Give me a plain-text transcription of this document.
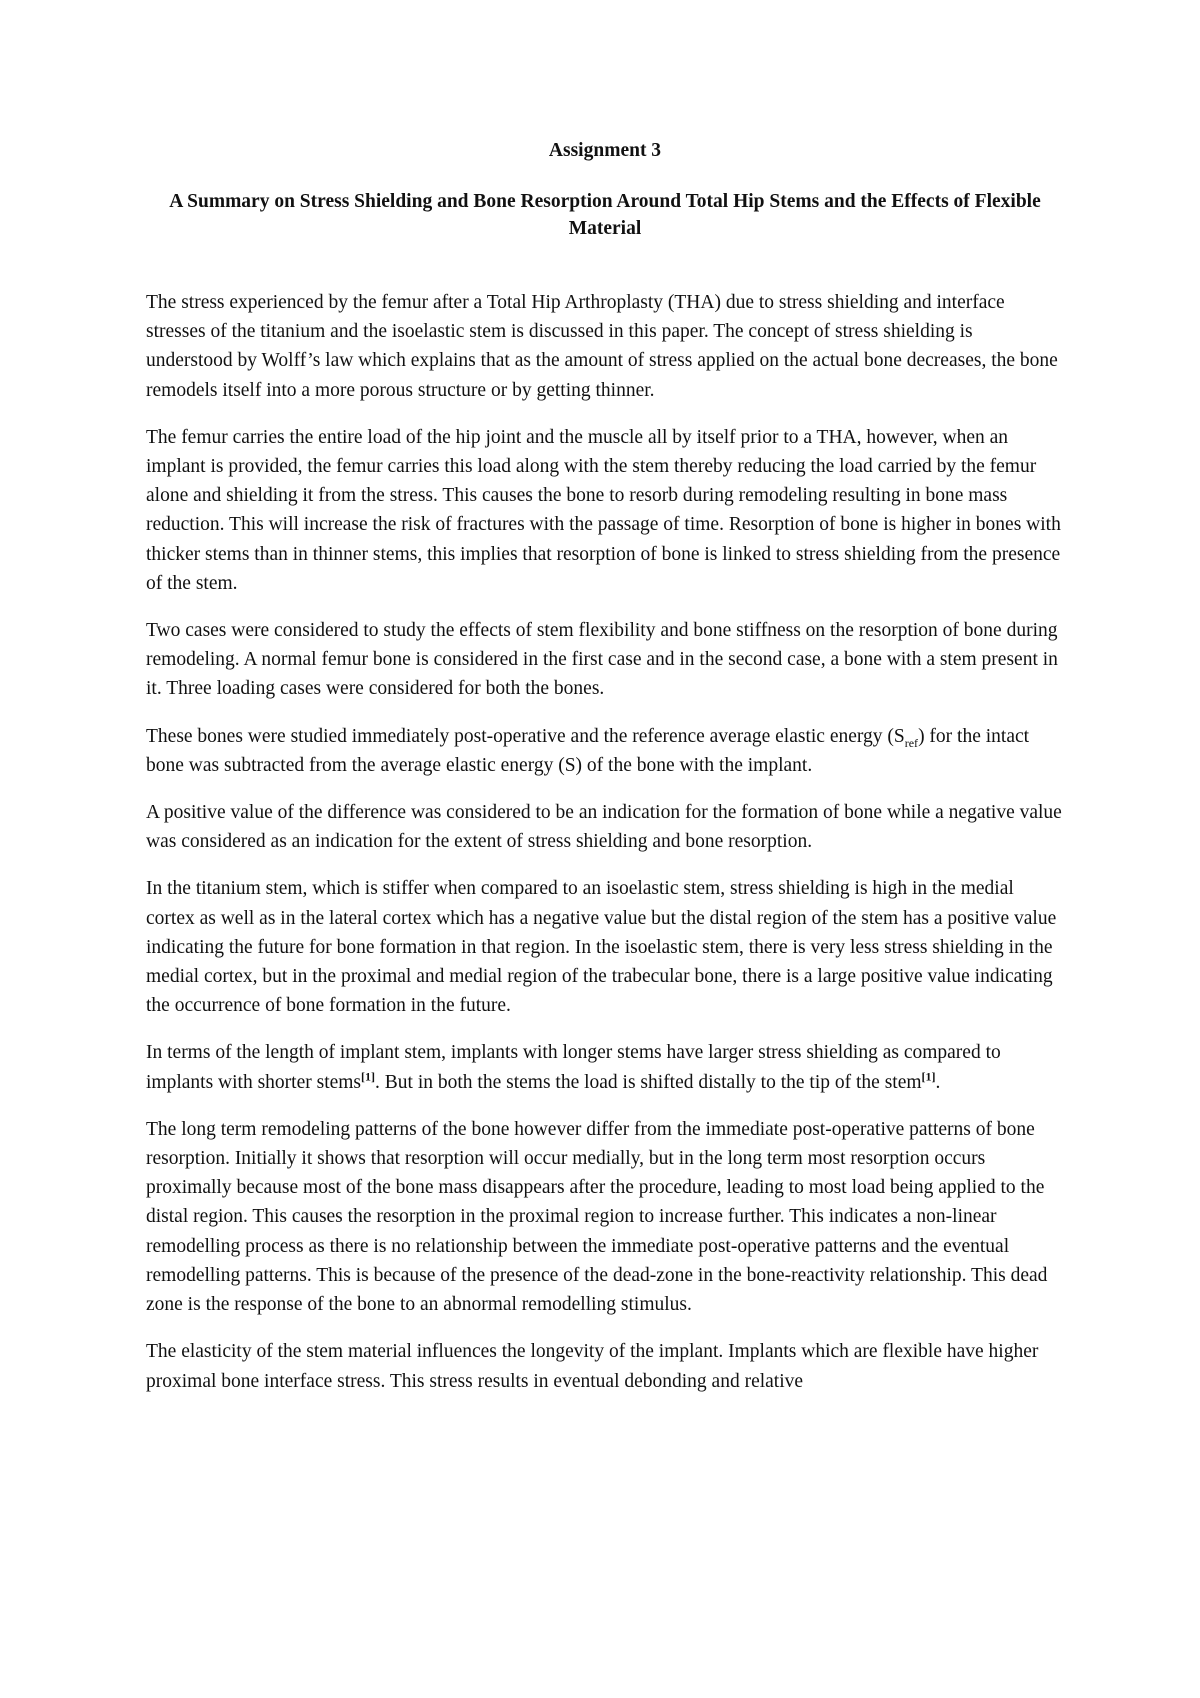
Assignment 3
A Summary on Stress Shielding and Bone Resorption Around Total Hip Stems and the Effects of Flexible Material

The stress experienced by the femur after a Total Hip Arthroplasty (THA) due to stress shielding and interface stresses of the titanium and the isoelastic stem is discussed in this paper. The concept of stress shielding is understood by Wolff’s law which explains that as the amount of stress applied on the actual bone decreases, the bone remodels itself into a more porous structure or by getting thinner.

The femur carries the entire load of the hip joint and the muscle all by itself prior to a THA, however, when an implant is provided, the femur carries this load along with the stem thereby reducing the load carried by the femur alone and shielding it from the stress. This causes the bone to resorb during remodeling resulting in bone mass reduction. This will increase the risk of fractures with the passage of time. Resorption of bone is higher in bones with thicker stems than in thinner stems, this implies that resorption of bone is linked to stress shielding from the presence of the stem.

Two cases were considered to study the effects of stem flexibility and bone stiffness on the resorption of bone during remodeling. A normal femur bone is considered in the first case and in the second case, a bone with a stem present in it. Three loading cases were considered for both the bones.

These bones were studied immediately post-operative and the reference average elastic energy $(S_{ref})$ for the intact bone was subtracted from the average elastic energy (S) of the bone with the implant.

A positive value of the difference was considered to be an indication for the formation of bone while a negative value was considered as an indication for the extent of stress shielding and bone resorption.

In the titanium stem, which is stiffer when compared to an isoelastic stem, stress shielding is high in the medial cortex as well as in the lateral cortex which has a negative value but the distal region of the stem has a positive value indicating the future for bone formation in that region. In the isoelastic stem, there is very less stress shielding in the medial cortex, but in the proximal and medial region of the trabecular bone, there is a large positive value indicating the occurrence of bone formation in the future.

In terms of the length of implant stem, implants with longer stems have larger stress shielding as compared to implants with shorter stems[1]. But in both the stems the load is shifted distally to the tip of the stem[1].

The long term remodeling patterns of the bone however differ from the immediate post-operative patterns of bone resorption. Initially it shows that resorption will occur medially, but in the long term most resorption occurs proximally because most of the bone mass disappears after the procedure, leading to most load being applied to the distal region. This causes the resorption in the proximal region to increase further. This indicates a non-linear remodelling process as there is no relationship between the immediate post-operative patterns and the eventual remodelling patterns. This is because of the presence of the dead-zone in the bone-reactivity relationship. This dead zone is the response of the bone to an abnormal remodelling stimulus.

The elasticity of the stem material influences the longevity of the implant. Implants which are flexible have higher proximal bone interface stress. This stress results in eventual debonding and relative
